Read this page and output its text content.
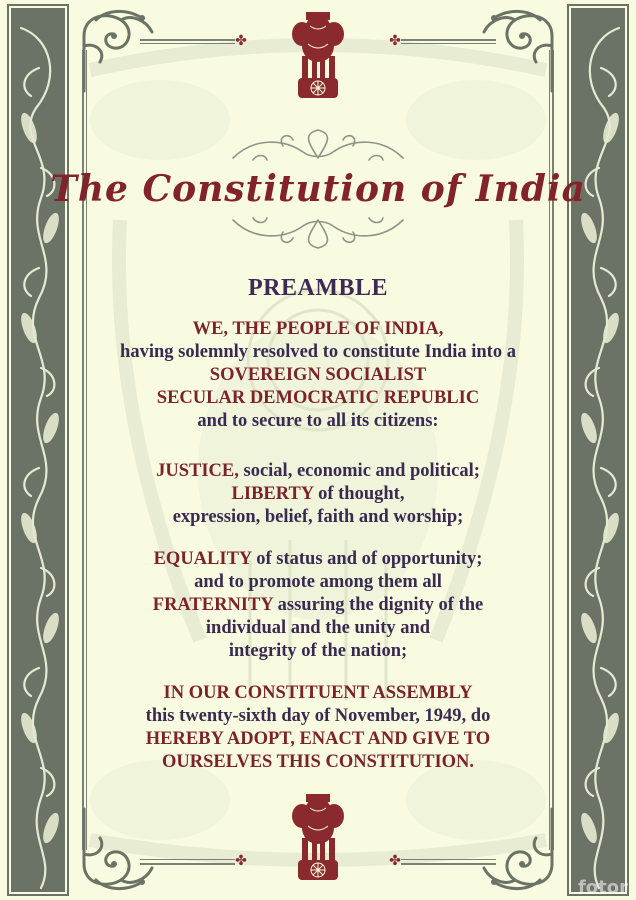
✤	✤
✤	✤
The Constitution of India
PREAMBLE
WE, THE PEOPLE OF INDIA,
having solemnly resolved to constitute India into a
SOVEREIGN SOCIALIST
SECULAR DEMOCRATIC REPUBLIC
and to secure to all its citizens:
JUSTICE, social, economic and political;
LIBERTY of thought,
expression, belief, faith and worship;
EQUALITY of status and of opportunity;
and to promote among them all
FRATERNITY assuring the dignity of the
individual and the unity and
integrity of the nation;
IN OUR CONSTITUENT ASSEMBLY
this twenty-sixth day of November, 1949, do
HEREBY ADOPT, ENACT AND GIVE TO
OURSELVES THIS CONSTITUTION.
fotor
